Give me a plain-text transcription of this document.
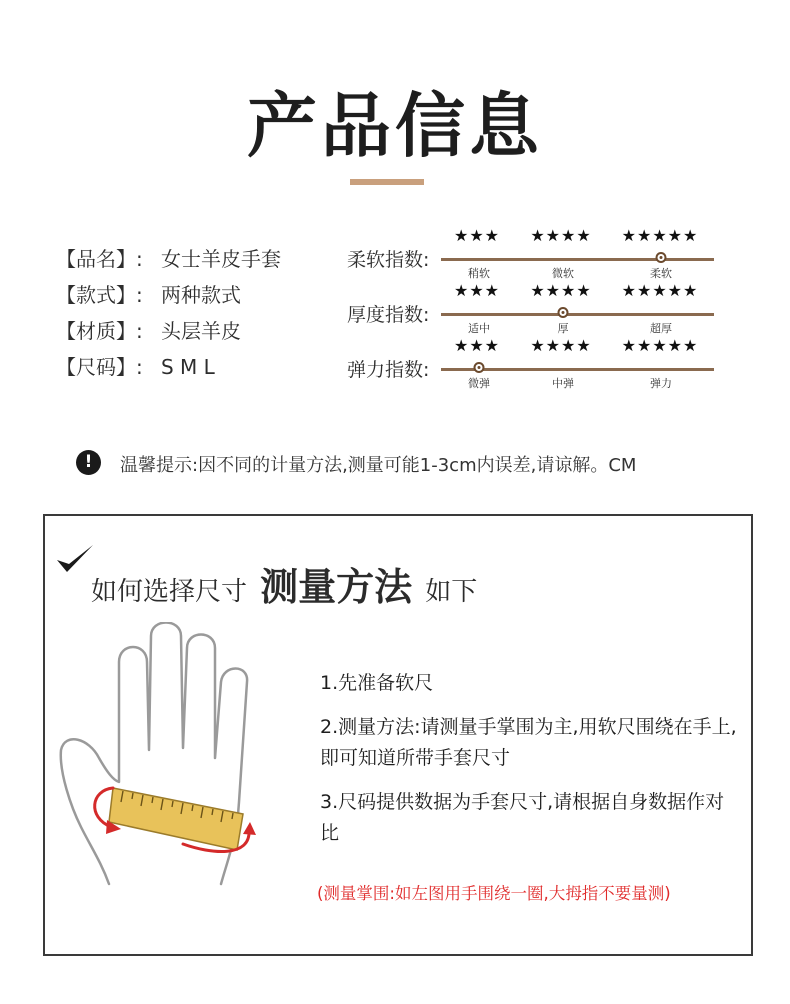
产品信息
【品名】: 女士羊皮手套
【款式】: 两种款式
【材质】: 头层羊皮
【尺码】: S M L
柔软指数:
★★★ ★★★★ ★★★★★
稍软	微软	柔软
厚度指数:
★★★ ★★★★ ★★★★★
适中	厚	超厚
弹力指数:
★★★ ★★★★ ★★★★★
微弹	中弹	弹力
!	温馨提示:因不同的计量方法,测量可能1-3cm内误差,请谅解。CM
如何选择尺寸 测量方法 如下
1.先准备软尺
2.测量方法:请测量手掌围为主,用软尺围绕在手上,即可知道所带手套尺寸
3.尺码提供数据为手套尺寸,请根据自身数据作对比
(测量掌围:如左图用手围绕一圈,大拇指不要量测)
